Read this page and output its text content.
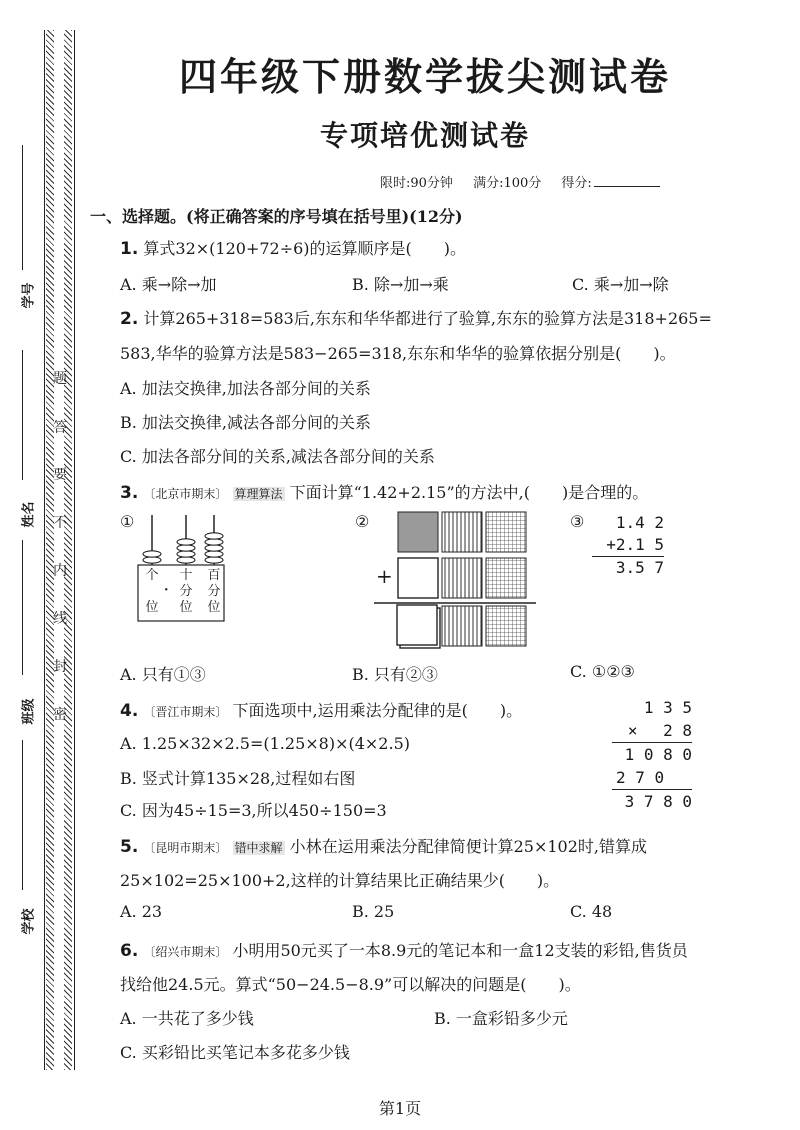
四年级下册数学拔尖测试卷
专项培优测试卷
限时:90分钟 满分:100分 得分:
题
答
要
不
内
线
封
密
学号
姓名
班级
学校
一、选择题。(将正确答案的序号填在括号里)(12分)
1. 算式32×(120+72÷6)的运算顺序是(　　)。
A. 乘→除→加	B. 除→加→乘	C. 乘→加→除
2. 计算265+318=583后,东东和华华都进行了验算,东东的验算方法是318+265=
583,华华的验算方法是583−265=318,东东和华华的验算依据分别是(　　)。
A. 加法交换律,加法各部分间的关系
B. 加法交换律,减法各部分间的关系
C. 加法各部分间的关系,减法各部分间的关系
3. 〔北京市期末〕 算理算法 下面计算“1.42+2.15”的方法中,(　　)是合理的。
①
个

位
·
十
分
位
百
分
位
②
+
③	1.4 2
+2.1 5
3.5 7
A. 只有①③	B. 只有②③	C. ①②③
4. 〔晋江市期末〕 下面选项中,运用乘法分配律的是(　　)。
A. 1.25×32×2.5=(1.25×8)×(4×2.5)
B. 竖式计算135×28,过程如右图
C. 因为45÷15=3,所以450÷150=3
1 3 5
×　 2 8
1 0 8 0
2 7 0
3 7 8 0
5. 〔昆明市期末〕 错中求解 小林在运用乘法分配律简便计算25×102时,错算成
25×102=25×100+2,这样的计算结果比正确结果少(　　)。
A. 23	B. 25	C. 48
6. 〔绍兴市期末〕 小明用50元买了一本8.9元的笔记本和一盒12支装的彩铅,售货员
找给他24.5元。算式“50−24.5−8.9”可以解决的问题是(　　)。
A. 一共花了多少钱	B. 一盒彩铅多少元
C. 买彩铅比买笔记本多花多少钱
第1页
